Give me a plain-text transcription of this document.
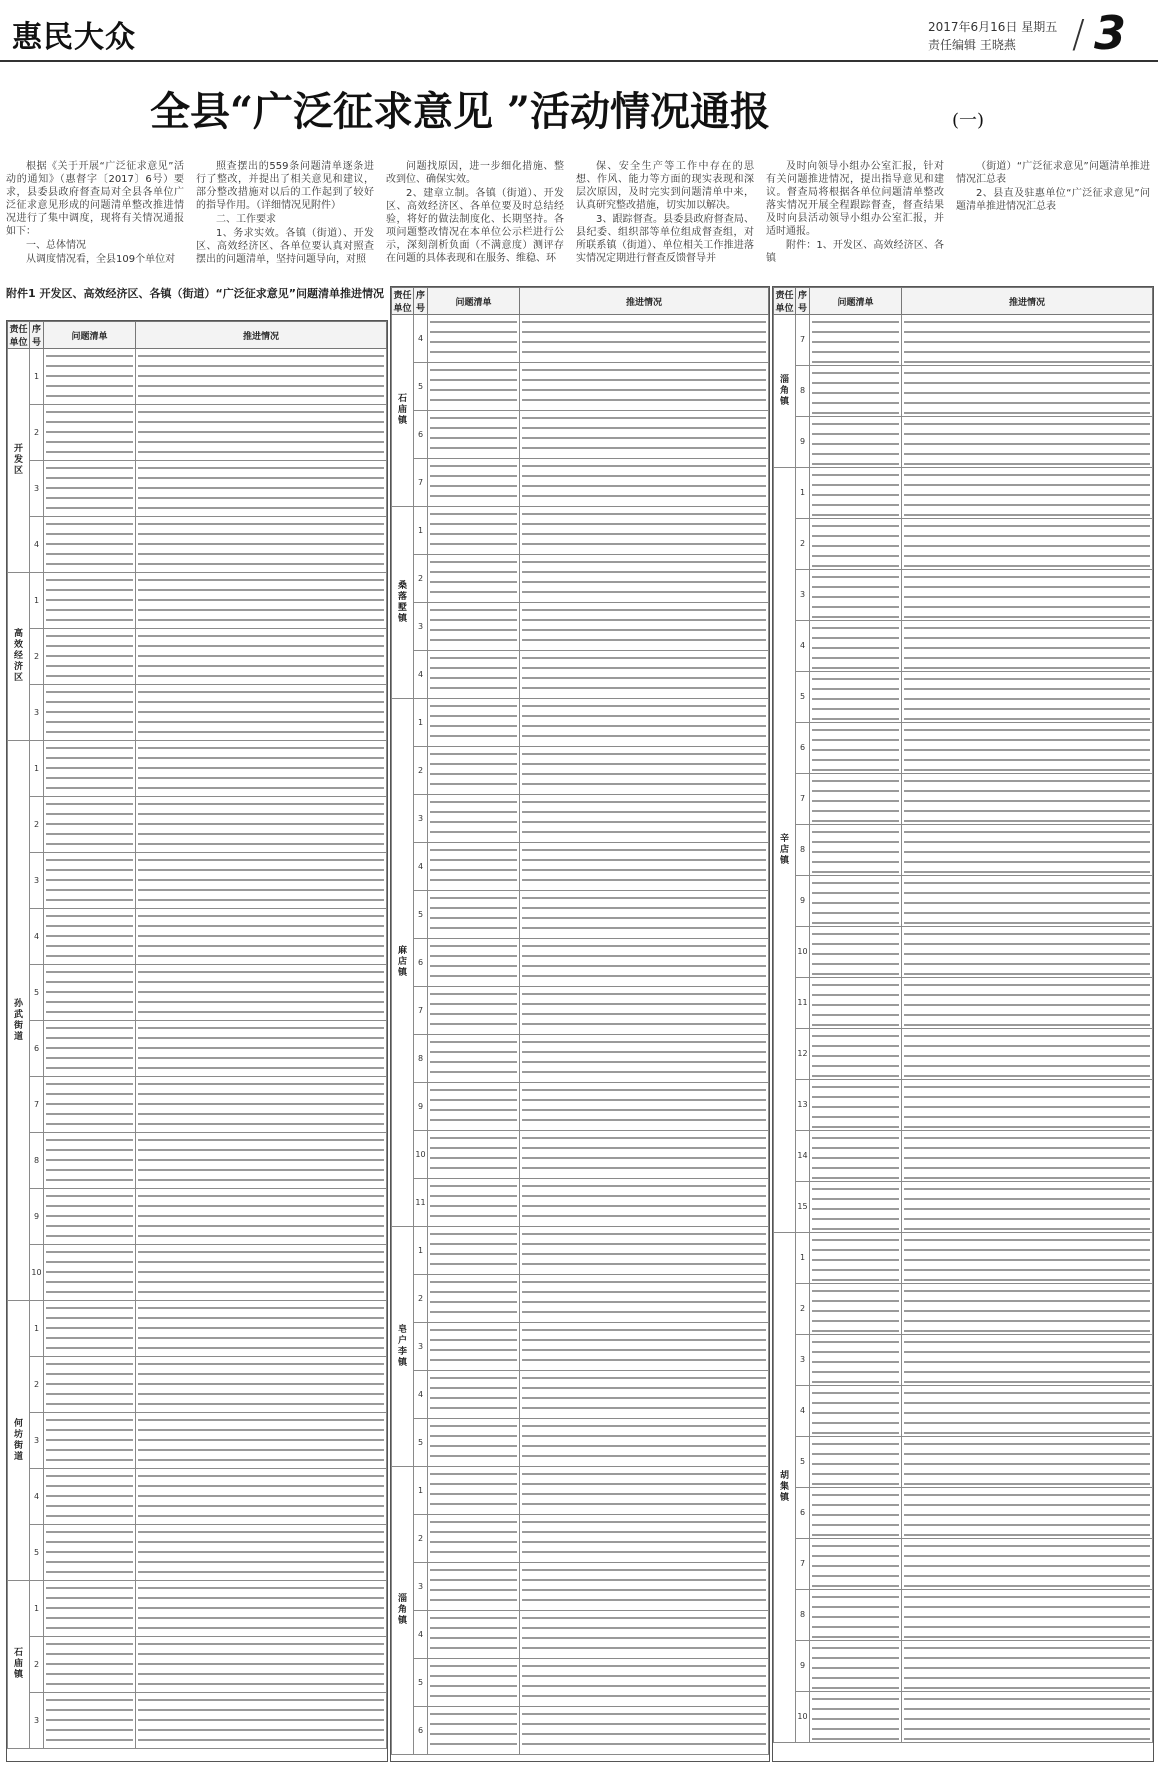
惠民大众	2017年6月16日 星期五
责任编辑 王晓燕 / 3
全县“广泛征求意见 ”活动情况通报	(一)

根据《关于开展“广泛征求意见”活动的通知》（惠督字〔2017〕6号）要求，县委县政府督查局对全县各单位广泛征求意见形成的问题清单整改推进情况进行了集中调度，现将有关情况通报如下：

一、总体情况

从调度情况看，全县109个单位对

照查摆出的559条问题清单逐条进行了整改，并提出了相关意见和建议，部分整改措施对以后的工作起到了较好的指导作用。（详细情况见附件）

二、工作要求

1、务求实效。各镇（街道）、开发区、高效经济区、各单位要认真对照查摆出的问题清单，坚持问题导向，对照

问题找原因，进一步细化措施、整改到位、确保实效。

2、建章立制。各镇（街道）、开发区、高效经济区、各单位要及时总结经验，将好的做法制度化、长期坚持。各项问题整改情况在本单位公示栏进行公示，深刻剖析负面（不满意度）测评存在问题的具体表现和在服务、维稳、环

保、安全生产等工作中存在的思想、作风、能力等方面的现实表现和深层次原因，及时完实到问题清单中来，认真研究整改措施，切实加以解决。

3、跟踪督查。县委县政府督查局、县纪委、组织部等单位组成督查组，对所联系镇（街道）、单位相关工作推进落实情况定期进行督查反馈督导并

及时向领导小组办公室汇报，针对有关问题推进情况，提出指导意见和建议。督查局将根据各单位问题清单整改落实情况开展全程跟踪督查，督查结果及时向县活动领导小组办公室汇报，并适时通报。

附件：1、开发区、高效经济区、各镇

（街道）“广泛征求意见”问题清单推进情况汇总表

2、县直及驻惠单位“广泛征求意见”问题清单推进情况汇总表

附件1 开发区、高效经济区、各镇（街道）“广泛征求意见”问题清单推进情况
责任单位	序号	问题清单	推进情况
开发区	1	

	2	

	3	

	4	

高效经济区	1	

	2	

	3	

孙武街道	1	

	2	

	3	

	4	

	5	

	6	

	7	

	8	

	9	

	10	

何坊街道	1	

	2	

	3	

	4	

	5	

石庙镇	1	

	2	

	3	

责任单位	序号	问题清单	推进情况
石庙镇	4	

	5	

	6	

	7	

桑落墅镇	1	

	2	

	3	

	4	

麻店镇	1	

	2	

	3	

	4	

	5	

	6	

	7	

	8	

	9	

	10	

	11	

皂户李镇	1	

	2	

	3	

	4	

	5	

淄角镇	1	

	2	

	3	

	4	

	5	

	6	

责任单位	序号	问题清单	推进情况
淄角镇	7	

	8	

	9	

辛店镇	1	

	2	

	3	

	4	

	5	

	6	

	7	

	8	

	9	

	10	

	11	

	12	

	13	

	14	

	15	

胡集镇	1	

	2	

	3	

	4	

	5	

	6	

	7	

	8	

	9	

	10	
